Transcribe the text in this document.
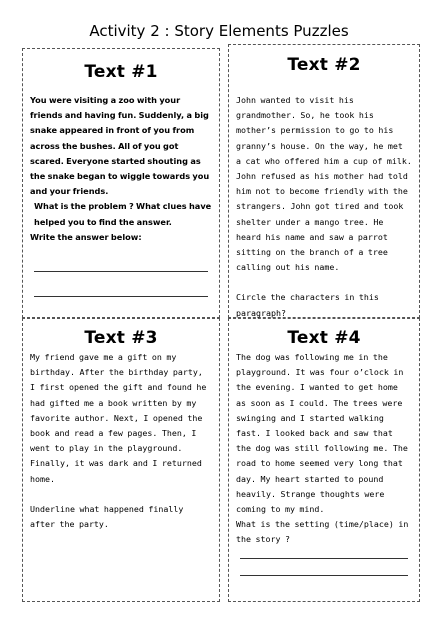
Activity 2 : Story Elements Puzzles
Text #1
You were visiting a zoo with your friends and having fun. Suddenly, a big snake appeared in front of you from across the bushes. All of you got scared. Everyone started shouting as the snake began to wiggle towards you and your friends.
What is the problem ? What clues have helped you to find the answer.
Write the answer below:
Text #2
John wanted to visit his grandmother. So, he took his mother’s permission to go to his granny’s house. On the way, he met a cat who offered him a cup of milk. John refused as his mother had told him not to become friendly with the strangers. John got tired and took shelter under a mango tree. He heard his name and saw a parrot sitting on the branch of a tree calling out his name.
Circle the characters in this paragraph?
Text #3
My friend gave me a gift on my birthday. After the birthday party, I first opened the gift and found he had gifted me a book written by my favorite author. Next, I opened the book and read a few pages. Then, I went to play in the playground. Finally, it was dark and I returned home.
Underline what happened finally after the party.
Text #4
The dog was following me in the playground. It was four o’clock in the evening. I wanted to get home as soon as I could. The trees were swinging and I started walking fast. I looked back and saw that the dog was still following me. The road to home seemed very long that day. My heart started to pound heavily. Strange thoughts were coming to my mind.
What is the setting (time/place) in the story ?
